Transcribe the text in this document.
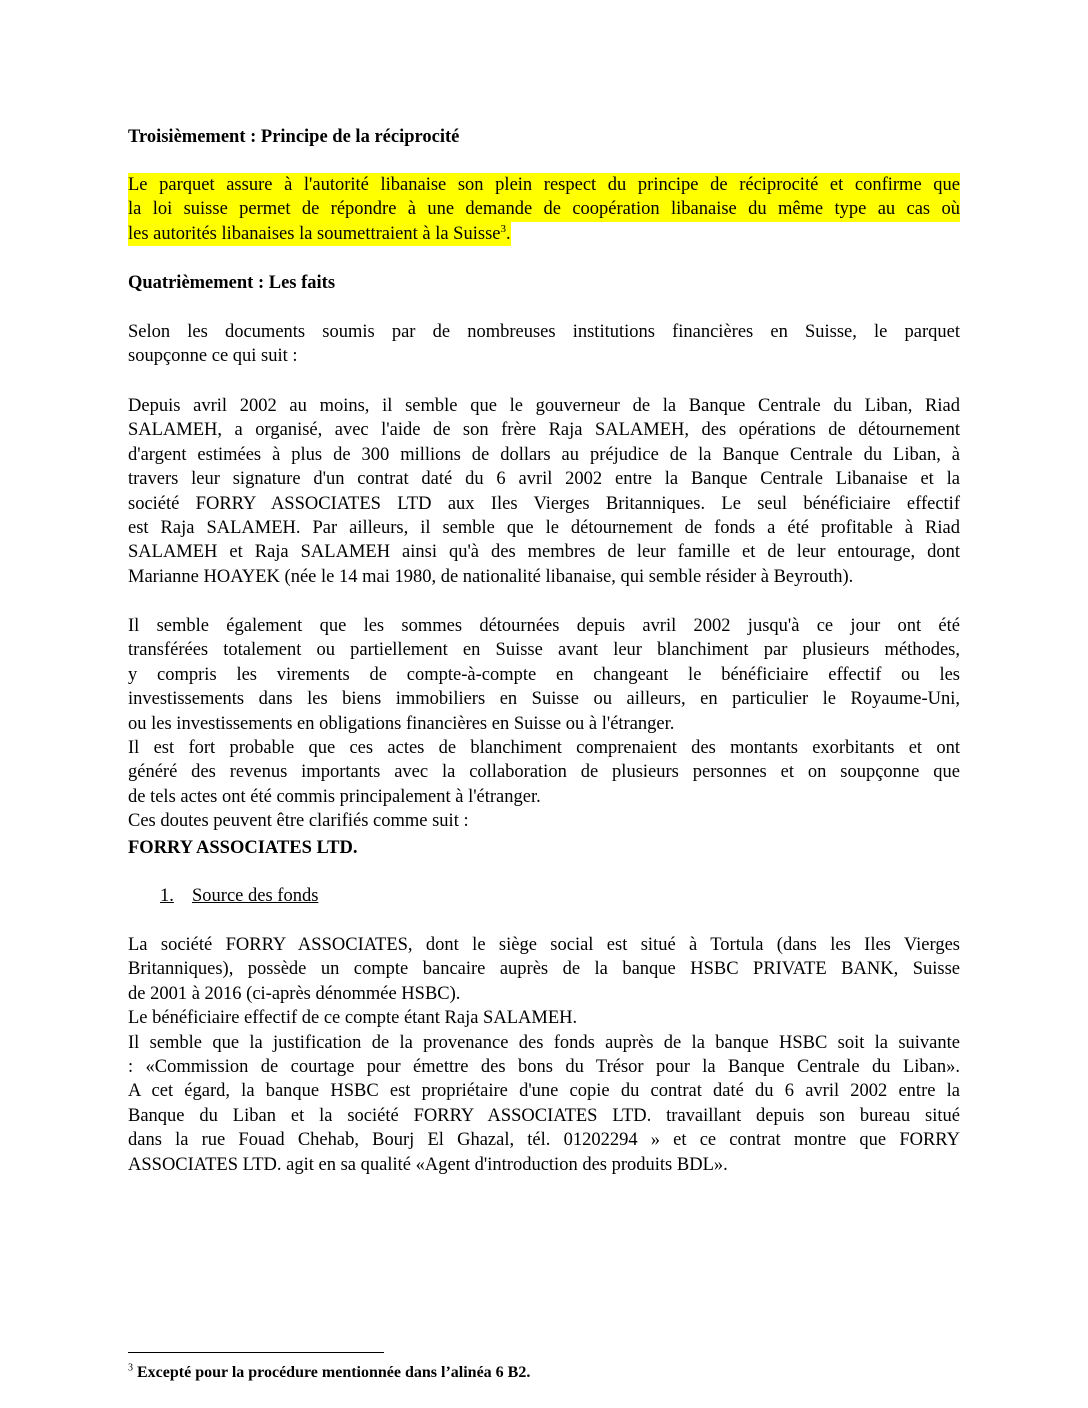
Troisièmement : Principe de la réciprocité
Le parquet assure à l'autorité libanaise son plein respect du principe de réciprocité et confirme que
la loi suisse permet de répondre à une demande de coopération libanaise du même type au cas où
les autorités libanaises la soumettraient à la Suisse$^3$.
Quatrièmement : Les faits
Selon les documents soumis par de nombreuses institutions financières en Suisse, le parquet
soupçonne ce qui suit :
Depuis avril 2002 au moins, il semble que le gouverneur de la Banque Centrale du Liban, Riad
SALAMEH, a organisé, avec l'aide de son frère Raja SALAMEH, des opérations de détournement
d'argent estimées à plus de 300 millions de dollars au préjudice de la Banque Centrale du Liban, à
travers leur signature d'un contrat daté du 6 avril 2002 entre la Banque Centrale Libanaise et la
société FORRY ASSOCIATES LTD aux Iles Vierges Britanniques. Le seul bénéficiaire effectif
est Raja SALAMEH. Par ailleurs, il semble que le détournement de fonds a été profitable à Riad
SALAMEH et Raja SALAMEH ainsi qu'à des membres de leur famille et de leur entourage, dont
Marianne HOAYEK (née le 14 mai 1980, de nationalité libanaise, qui semble résider à Beyrouth).
Il semble également que les sommes détournées depuis avril 2002 jusqu'à ce jour ont été
transférées totalement ou partiellement en Suisse avant leur blanchiment par plusieurs méthodes,
y compris les virements de compte-à-compte en changeant le bénéficiaire effectif ou les
investissements dans les biens immobiliers en Suisse ou ailleurs, en particulier le Royaume-Uni,
ou les investissements en obligations financières en Suisse ou à l'étranger.
Il est fort probable que ces actes de blanchiment comprenaient des montants exorbitants et ont
généré des revenus importants avec la collaboration de plusieurs personnes et on soupçonne que
de tels actes ont été commis principalement à l'étranger.
Ces doutes peuvent être clarifiés comme suit :
FORRY ASSOCIATES LTD.
1. Source des fonds
La société FORRY ASSOCIATES, dont le siège social est situé à Tortula (dans les Iles Vierges
Britanniques), possède un compte bancaire auprès de la banque HSBC PRIVATE BANK, Suisse
de 2001 à 2016 (ci-après dénommée HSBC).
Le bénéficiaire effectif de ce compte étant Raja SALAMEH.
Il semble que la justification de la provenance des fonds auprès de la banque HSBC soit la suivante
: «Commission de courtage pour émettre des bons du Trésor pour la Banque Centrale du Liban».
A cet égard, la banque HSBC est propriétaire d'une copie du contrat daté du 6 avril 2002 entre la
Banque du Liban et la société FORRY ASSOCIATES LTD. travaillant depuis son bureau situé
dans la rue Fouad Chehab, Bourj El Ghazal, tél. 01202294 » et ce contrat montre que FORRY
ASSOCIATES LTD. agit en sa qualité «Agent d'introduction des produits BDL».
$^3$ Excepté pour la procédure mentionnée dans l’alinéa 6 B2.
